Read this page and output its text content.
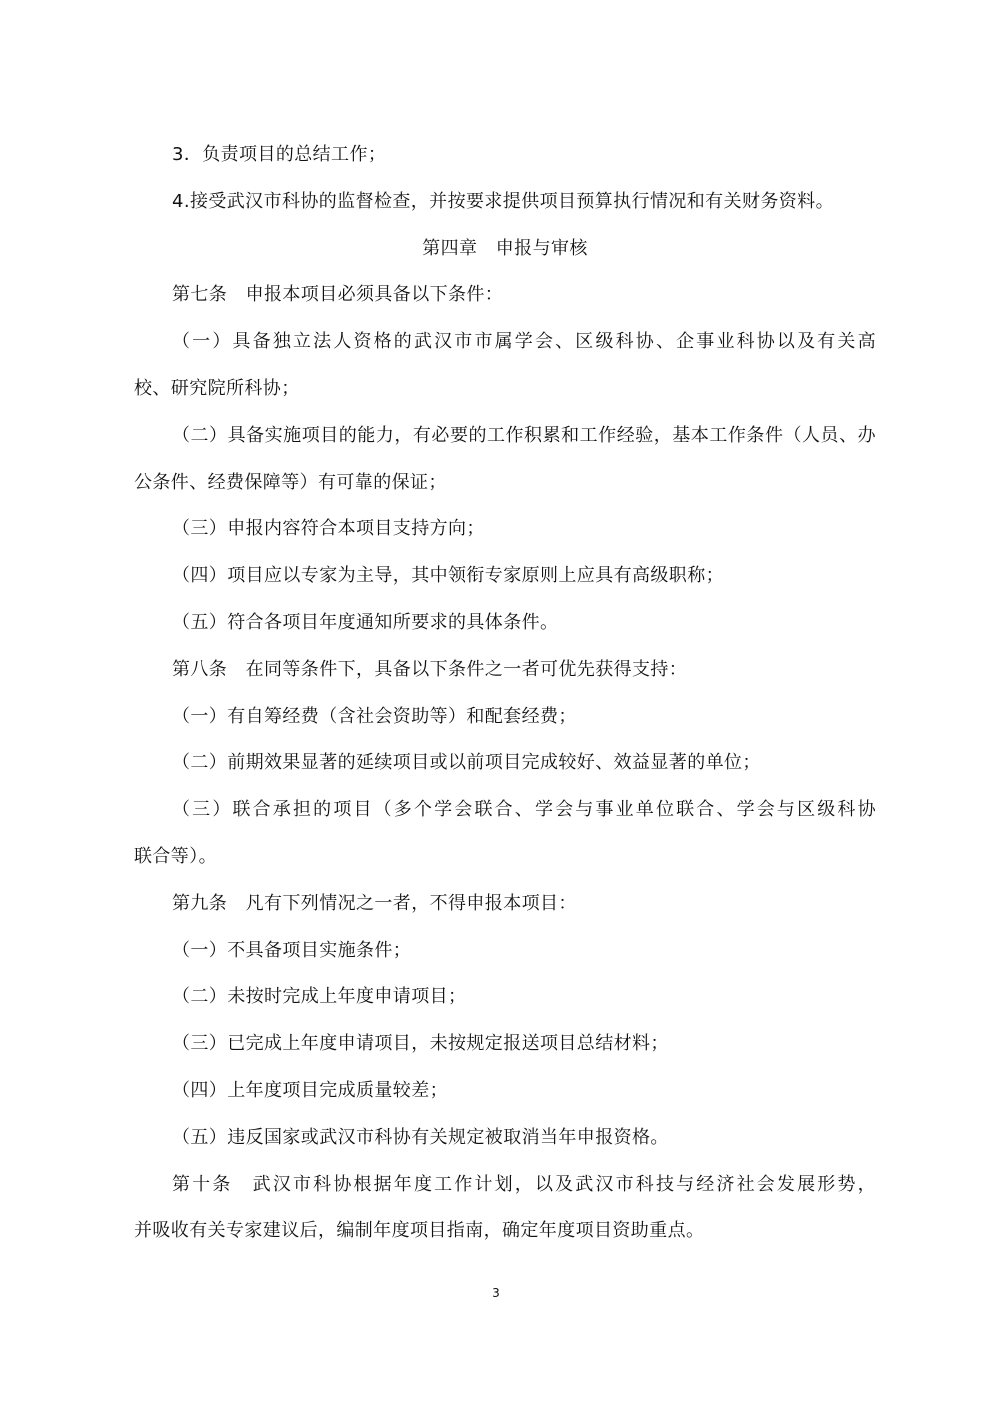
3．负责项目的总结工作；
4.接受武汉市科协的监督检查，并按要求提供项目预算执行情况和有关财务资料。
第四章　申报与审核
第七条　申报本项目必须具备以下条件：
（一）具备独立法人资格的武汉市市属学会、区级科协、企事业科协以及有关高
校、研究院所科协；
（二）具备实施项目的能力，有必要的工作积累和工作经验，基本工作条件（人员、办
公条件、经费保障等）有可靠的保证；
（三）申报内容符合本项目支持方向；
（四）项目应以专家为主导，其中领衔专家原则上应具有高级职称；
（五）符合各项目年度通知所要求的具体条件。
第八条　在同等条件下，具备以下条件之一者可优先获得支持：
（一）有自筹经费（含社会资助等）和配套经费；
（二）前期效果显著的延续项目或以前项目完成较好、效益显著的单位；
（三）联合承担的项目（多个学会联合、学会与事业单位联合、学会与区级科协
联合等）。
第九条　凡有下列情况之一者，不得申报本项目：
（一）不具备项目实施条件；
（二）未按时完成上年度申请项目；
（三）已完成上年度申请项目，未按规定报送项目总结材料；
（四）上年度项目完成质量较差；
（五）违反国家或武汉市科协有关规定被取消当年申报资格。
第十条　武汉市科协根据年度工作计划，以及武汉市科技与经济社会发展形势，
并吸收有关专家建议后，编制年度项目指南，确定年度项目资助重点。
3
